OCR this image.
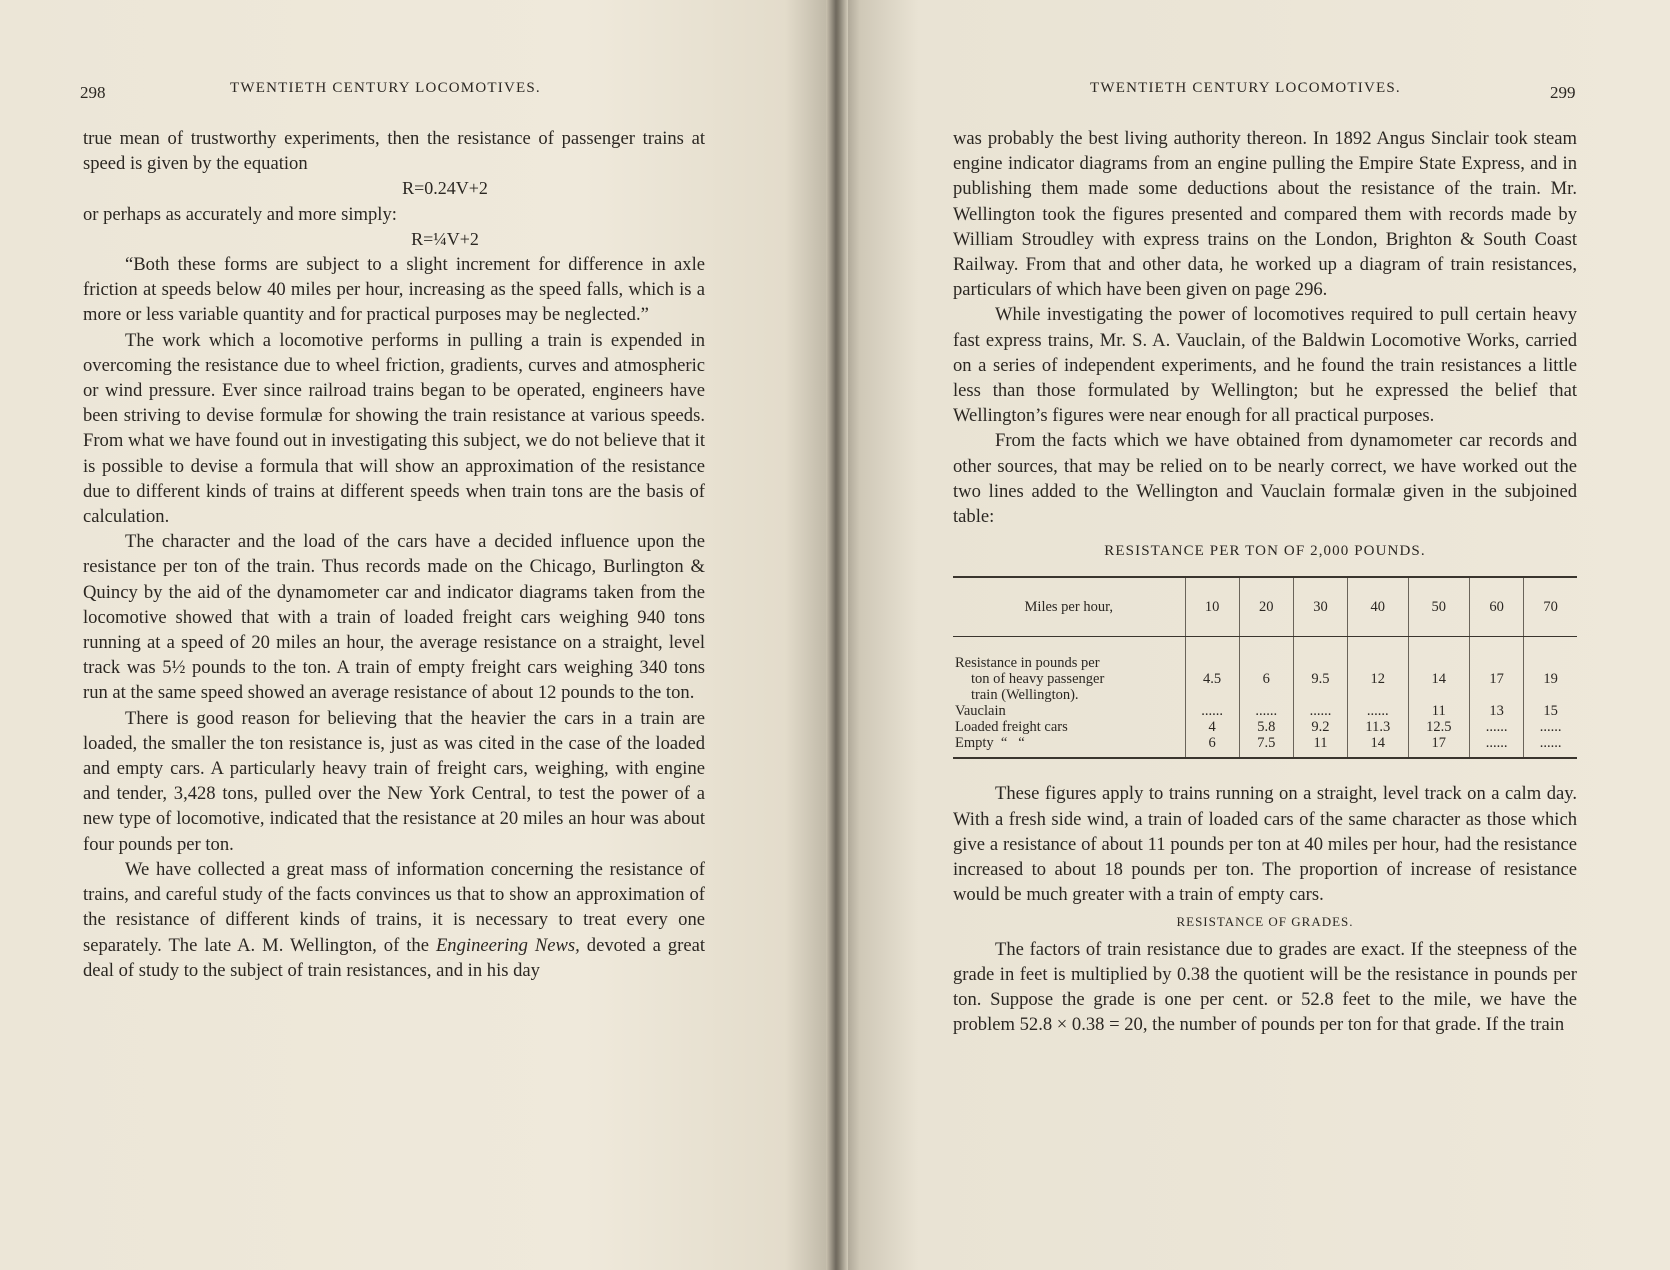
298	TWENTIETH CENTURY LOCOMOTIVES.

true mean of trustworthy experiments, then the resistance of passenger trains at speed is given by the equation

R=0.24V+2

or perhaps as accurately and more simply:

R=¼V+2

“Both these forms are subject to a slight increment for difference in axle friction at speeds below 40 miles per hour, increasing as the speed falls, which is a more or less variable quantity and for practical purposes may be neglected.”

The work which a locomotive performs in pulling a train is expended in overcoming the resistance due to wheel friction, gradients, curves and atmospheric or wind pressure. Ever since railroad trains began to be operated, engineers have been striving to devise formulæ for showing the train resistance at various speeds. From what we have found out in investigating this subject, we do not believe that it is possible to devise a formula that will show an approximation of the resistance due to different kinds of trains at different speeds when train tons are the basis of calculation.

The character and the load of the cars have a decided influence upon the resistance per ton of the train. Thus records made on the Chicago, Burlington & Quincy by the aid of the dynamometer car and indicator diagrams taken from the locomotive showed that with a train of loaded freight cars weighing 940 tons running at a speed of 20 miles an hour, the average resistance on a straight, level track was 5½ pounds to the ton. A train of empty freight cars weighing 340 tons run at the same speed showed an average resistance of about 12 pounds to the ton.

There is good reason for believing that the heavier the cars in a train are loaded, the smaller the ton resistance is, just as was cited in the case of the loaded and empty cars. A particularly heavy train of freight cars, weighing, with engine and tender, 3,428 tons, pulled over the New York Central, to test the power of a new type of locomotive, indicated that the resistance at 20 miles an hour was about four pounds per ton.

We have collected a great mass of information concerning the resistance of trains, and careful study of the facts convinces us that to show an approximation of the resistance of different kinds of trains, it is necessary to treat every one separately. The late A. M. Wellington, of the Engineering News, devoted a great deal of study to the subject of train resistances, and in his day

TWENTIETH CENTURY LOCOMOTIVES.	299

was probably the best living authority thereon. In 1892 Angus Sinclair took steam engine indicator diagrams from an engine pulling the Empire State Express, and in publishing them made some deductions about the resistance of the train. Mr. Wellington took the figures presented and compared them with records made by William Stroudley with express trains on the London, Brighton & South Coast Railway. From that and other data, he worked up a diagram of train resistances, particulars of which have been given on page 296.

While investigating the power of locomotives required to pull certain heavy fast express trains, Mr. S. A. Vauclain, of the Baldwin Locomotive Works, carried on a series of independent experiments, and he found the train resistances a little less than those formulated by Wellington; but he expressed the belief that Wellington’s figures were near enough for all practical purposes.

From the facts which we have obtained from dynamometer car records and other sources, that may be relied on to be nearly correct, we have worked out the two lines added to the Wellington and Vauclain formalæ given in the subjoined table:

RESISTANCE PER TON OF 2,000 POUNDS.
Miles per hour,	10	20	30	40	50	60	70

Resistance in pounds per
ton of heavy passenger
train (Wellington).	4.5	6	9.5	12	14	17	19
Vauclain	......	......	......	......	11	13	15
Loaded freight cars	4	5.8	9.2	11.3	12.5	......	......
Empty  “   “	6	7.5	11	14	17	......	......

These figures apply to trains running on a straight, level track on a calm day. With a fresh side wind, a train of loaded cars of the same character as those which give a resistance of about 11 pounds per ton at 40 miles per hour, had the resistance increased to about 18 pounds per ton. The proportion of increase of resistance would be much greater with a train of empty cars.

RESISTANCE OF GRADES.

The factors of train resistance due to grades are exact. If the steepness of the grade in feet is multiplied by 0.38 the quotient will be the resistance in pounds per ton. Suppose the grade is one per cent. or 52.8 feet to the mile, we have the problem 52.8 × 0.38 = 20, the number of pounds per ton for that grade. If the train
